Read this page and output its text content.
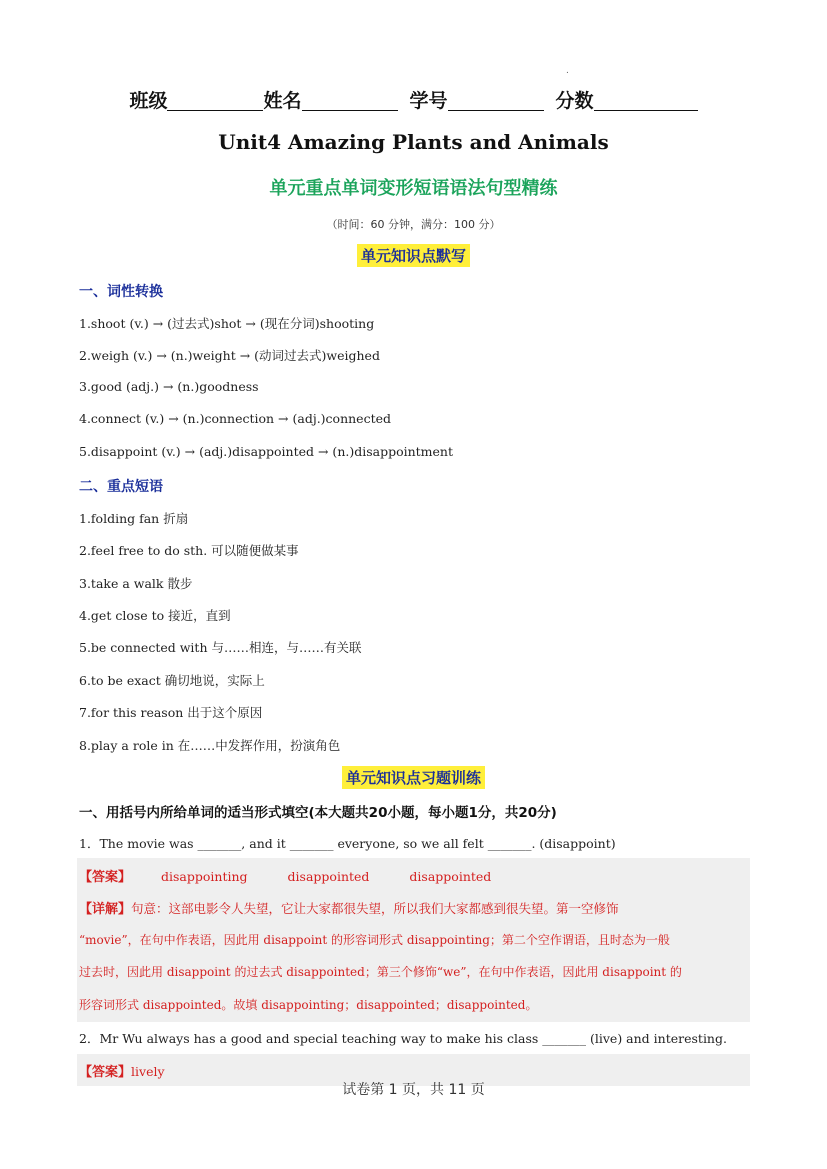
.
班级	姓名	学号	分数
Unit4 Amazing Plants and Animals
单元重点单词变形短语语法句型精练
（时间：60 分钟，满分：100 分）
单元知识点默写
一、词性转换
1.shoot (v.) → (过去式)shot → (现在分词)shooting
2.weigh (v.) → (n.)weight → (动词过去式)weighed
3.good (adj.) → (n.)goodness
4.connect (v.) → (n.)connection → (adj.)connected
5.disappoint (v.) → (adj.)disappointed → (n.)disappointment
二、重点短语
1.folding fan 折扇
2.feel free to do sth. 可以随便做某事
3.take a walk 散步
4.get close to 接近，直到
5.be connected with 与……相连，与……有关联
6.to be exact 确切地说，实际上
7.for this reason 出于这个原因
8.play a role in 在……中发挥作用，扮演角色
单元知识点习题训练
一、用括号内所给单词的适当形式填空(本大题共20小题，每小题1分，共20分)
1．The movie was _______, and it _______ everyone, so we all felt _______. (disappoint)
【答案】 disappointing	disappointed	disappointed
【详解】句意：这部电影令人失望，它让大家都很失望，所以我们大家都感到很失望。第一空修饰
“movie”，在句中作表语，因此用 disappoint 的形容词形式 disappointing；第二个空作谓语，且时态为一般
过去时，因此用 disappoint 的过去式 disappointed；第三个修饰“we”，在句中作表语，因此用 disappoint 的
形容词形式 disappointed。故填 disappointing；disappointed；disappointed。
2．Mr Wu always has a good and special teaching way to make his class _______ (live) and interesting.
【答案】lively
试卷第 1 页，共 11 页
